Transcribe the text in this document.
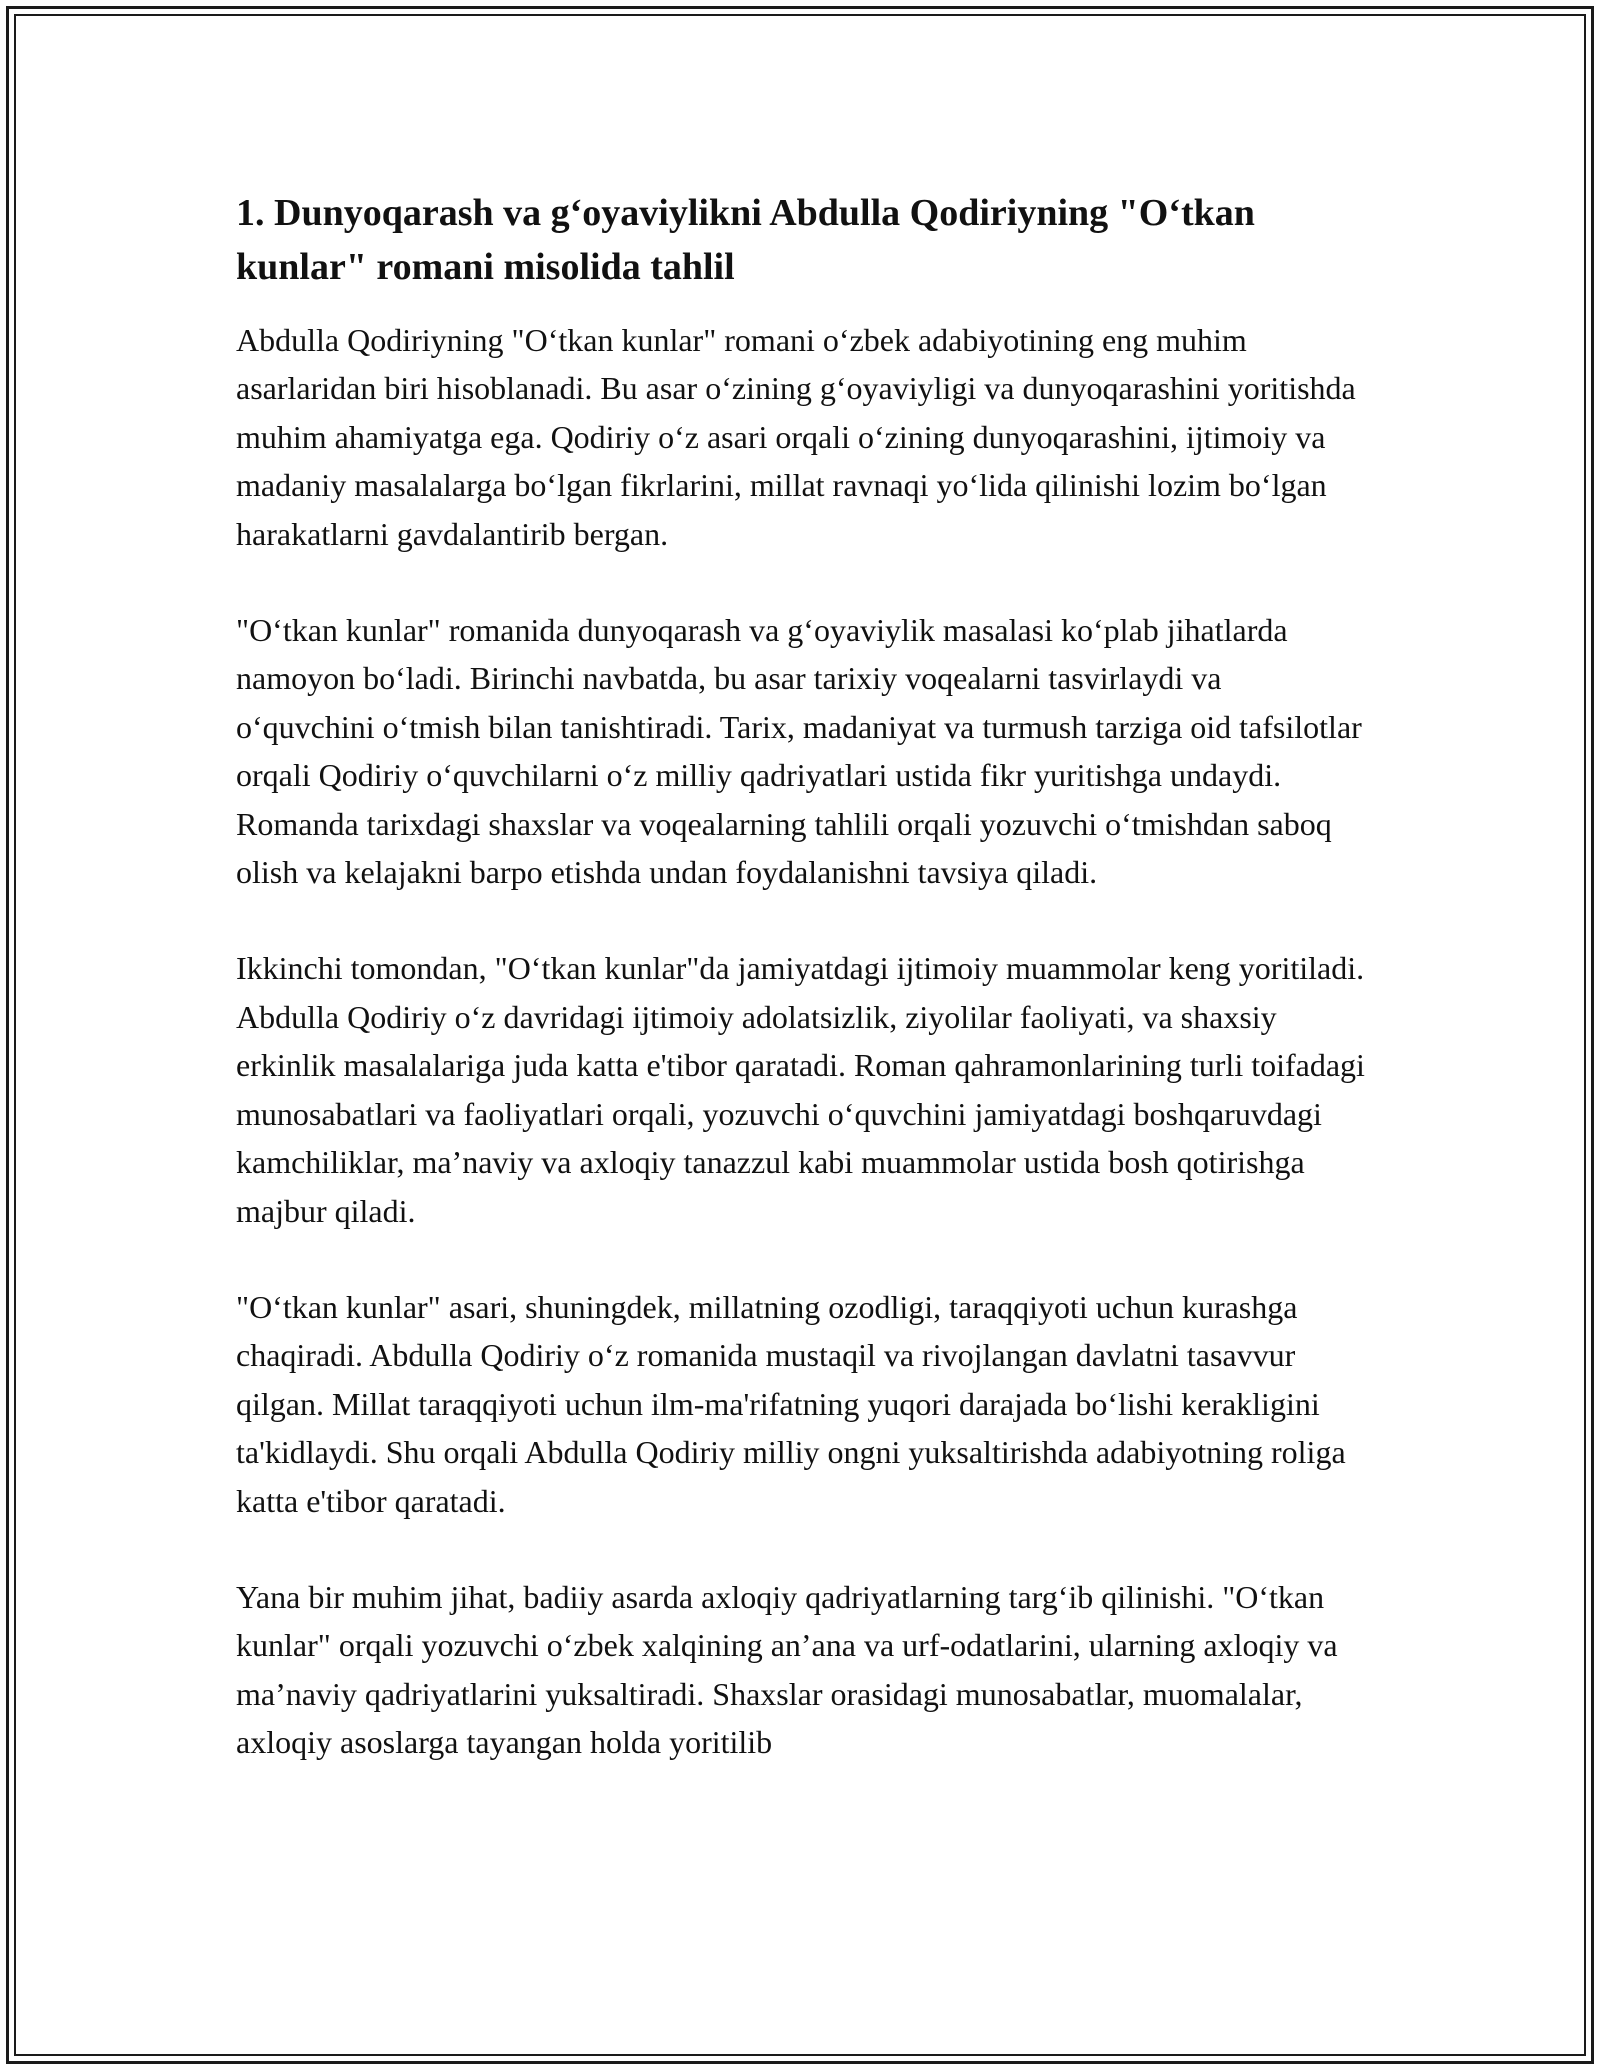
1. Dunyoqarash va gʻoyaviylikni Abdulla Qodiriyning "Oʻtkan kunlar" romani misolida tahlil

Abdulla Qodiriyning "Oʻtkan kunlar" romani oʻzbek adabiyotining eng muhim asarlaridan biri hisoblanadi. Bu asar oʻzining gʻoyaviyligi va dunyoqarashini yoritishda muhim ahamiyatga ega. Qodiriy oʻz asari orqali oʻzining dunyoqarashini, ijtimoiy va madaniy masalalarga boʻlgan fikrlarini, millat ravnaqi yoʻlida qilinishi lozim boʻlgan harakatlarni gavdalantirib bergan.

"Oʻtkan kunlar" romanida dunyoqarash va gʻoyaviylik masalasi koʻplab jihatlarda namoyon boʻladi. Birinchi navbatda, bu asar tarixiy voqealarni tasvirlaydi va oʻquvchini oʻtmish bilan tanishtiradi. Tarix, madaniyat va turmush tarziga oid tafsilotlar orqali Qodiriy oʻquvchilarni oʻz milliy qadriyatlari ustida fikr yuritishga undaydi. Romanda tarixdagi shaxslar va voqealarning tahlili orqali yozuvchi oʻtmishdan saboq olish va kelajakni barpo etishda undan foydalanishni tavsiya qiladi.

Ikkinchi tomondan, "Oʻtkan kunlar"da jamiyatdagi ijtimoiy muammolar keng yoritiladi. Abdulla Qodiriy oʻz davridagi ijtimoiy adolatsizlik, ziyolilar faoliyati, va shaxsiy erkinlik masalalariga juda katta e'tibor qaratadi. Roman qahramonlarining turli toifadagi munosabatlari va faoliyatlari orqali, yozuvchi oʻquvchini jamiyatdagi boshqaruvdagi kamchiliklar, maʼnaviy va axloqiy tanazzul kabi muammolar ustida bosh qotirishga majbur qiladi.

"Oʻtkan kunlar" asari, shuningdek, millatning ozodligi, taraqqiyoti uchun kurashga chaqiradi. Abdulla Qodiriy oʻz romanida mustaqil va rivojlangan davlatni tasavvur qilgan. Millat taraqqiyoti uchun ilm-ma'rifatning yuqori darajada boʻlishi kerakligini ta'kidlaydi. Shu orqali Abdulla Qodiriy milliy ongni yuksaltirishda adabiyotning roliga katta e'tibor qaratadi.

Yana bir muhim jihat, badiiy asarda axloqiy qadriyatlarning targʻib qilinishi. "Oʻtkan kunlar" orqali yozuvchi oʻzbek xalqining anʼana va urf-odatlarini, ularning axloqiy va maʼnaviy qadriyatlarini yuksaltiradi. Shaxslar orasidagi munosabatlar, muomalalar, axloqiy asoslarga tayangan holda yoritilib
